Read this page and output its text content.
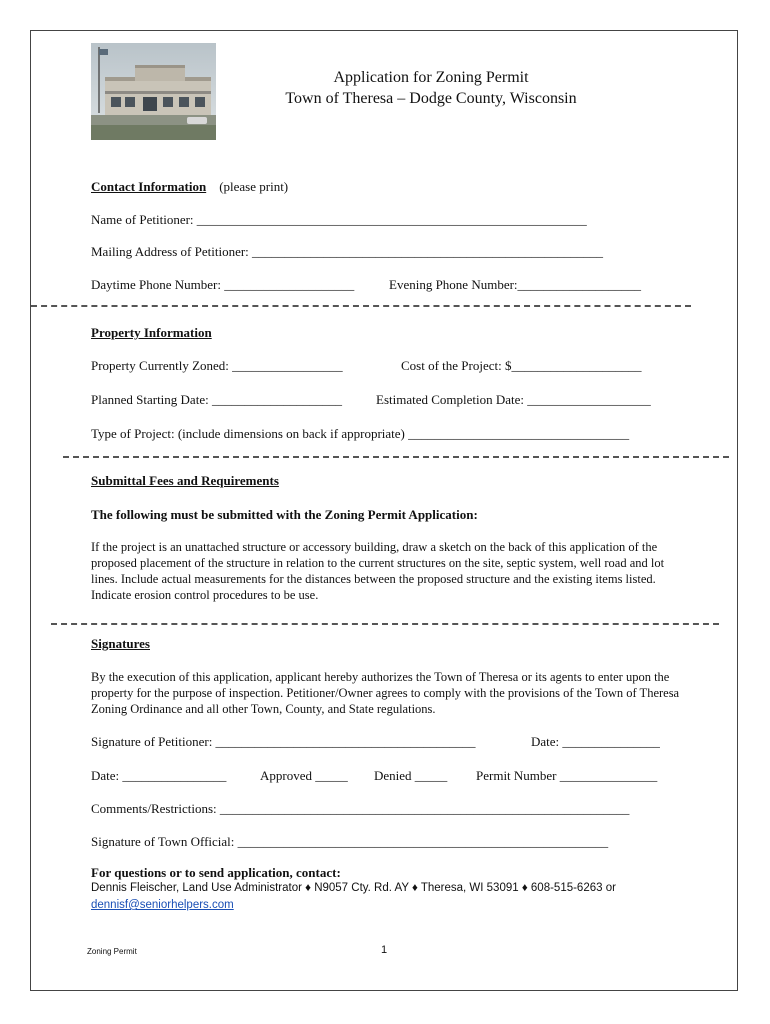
Application for Zoning Permit
Town of Theresa – Dodge County, Wisconsin
Contact Information (please print)
Name of Petitioner: ____________________________________________________________
Mailing Address of Petitioner: ______________________________________________________
Daytime Phone Number: ____________________	Evening Phone Number:___________________
Property Information
Property Currently Zoned: _________________	Cost of the Project: $____________________
Planned Starting Date: ____________________	Estimated Completion Date: ___________________
Type of Project: (include dimensions on back if appropriate) __________________________________
Submittal Fees and Requirements
The following must be submitted with the Zoning Permit Application:
If the project is an unattached structure or accessory building, draw a sketch on the back of this application of the proposed placement of the structure in relation to the current structures on the site, septic system, well road and lot lines. Include actual measurements for the distances between the proposed structure and the existing items listed. Indicate erosion control procedures to be use.
Signatures
By the execution of this application, applicant hereby authorizes the Town of Theresa or its agents to enter upon the property for the purpose of inspection. Petitioner/Owner agrees to comply with the provisions of the Town of Theresa Zoning Ordinance and all other Town, County, and State regulations.
Signature of Petitioner: ________________________________________	Date: _______________
Date: ________________	Approved _____ Denied _____ Permit Number _______________
Comments/Restrictions: _______________________________________________________________
Signature of Town Official: _________________________________________________________
For questions or to send application, contact:
Dennis Fleischer, Land Use Administrator ♦ N9057 Cty. Rd. AY ♦ Theresa, WI 53091 ♦ 608-515-6263 or
dennisf@seniorhelpers.com
Zoning Permit	1
